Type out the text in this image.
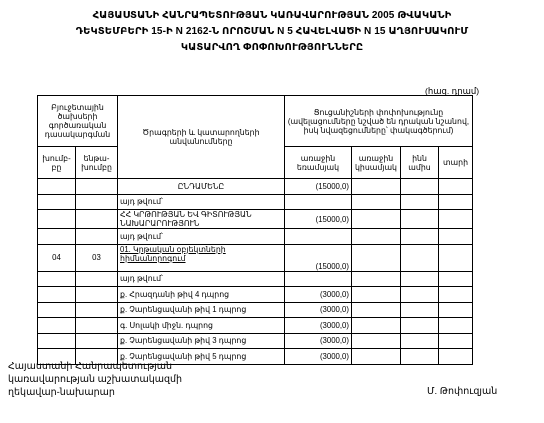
ՀԱՅԱՍՏԱՆԻ ՀԱՆՐԱՊԵՏՈՒԹՅԱՆ ԿԱՌԱՎԱՐՈՒԹՅԱՆ 2005 ԹՎԱԿԱՆԻ
ԴԵԿՏԵՄԲԵՐԻ 15-Ի N 2162-Ն ՈՐՈՇՄԱՆ N 5 ՀԱՎԵԼՎԱԾԻ N 15 ԱՂՅՈՒՍԱԿՈՒՄ
ԿԱՏԱՐՎՈՂ ՓՈՓՈԽՈՒԹՅՈՒՆՆԵՐԸ
(հազ. դրամ)
Բյուջետային ծախսերի գործառական դասակարգման		Ծրագրերի և կատարողների անվանումները	Ցուցանիշների փոփոխությունը (ավելացումները նշված են դրական նշանով, իսկ նվազեցումները՝ փակագծերում)			
խումբ-բը	ենթա-խումբը		առաջին եռամսյակ	առաջին կիսամյակ	ինն ամիս	տարի
		ԸՆԴԱՄԵՆԸ	(15000,0)			
		այդ թվում՝				
		ՀՀ ԿՐԹՈՒԹՅԱՆ ԵՎ ԳԻՏՈՒԹՅԱՆ ՆԱԽԱՐԱՐՈՒԹՅՈՒՆ	(15000,0)			
		այդ թվում՝				
04	03	01. Կրթական օբյեկտների հիմնանորոգում	(15000,0)			
		այդ թվում՝				
		ք. Հրազդանի թիվ 4 դպրոց	(3000,0)			
		ք. Չարենցավանի թիվ 1 դպրոց	(3000,0)			
		գ. Սոլակի միջն. դպրոց	(3000,0)			
		ք. Չարենցավանի թիվ 3 դպրոց	(3000,0)			
		ք. Չարենցավանի թիվ 5 դպրոց	(3000,0)			
Հայաստանի Հանրապետության
կառավարության աշխատակազմի
ղեկավար-նախարար	Մ. Թոփուզյան
